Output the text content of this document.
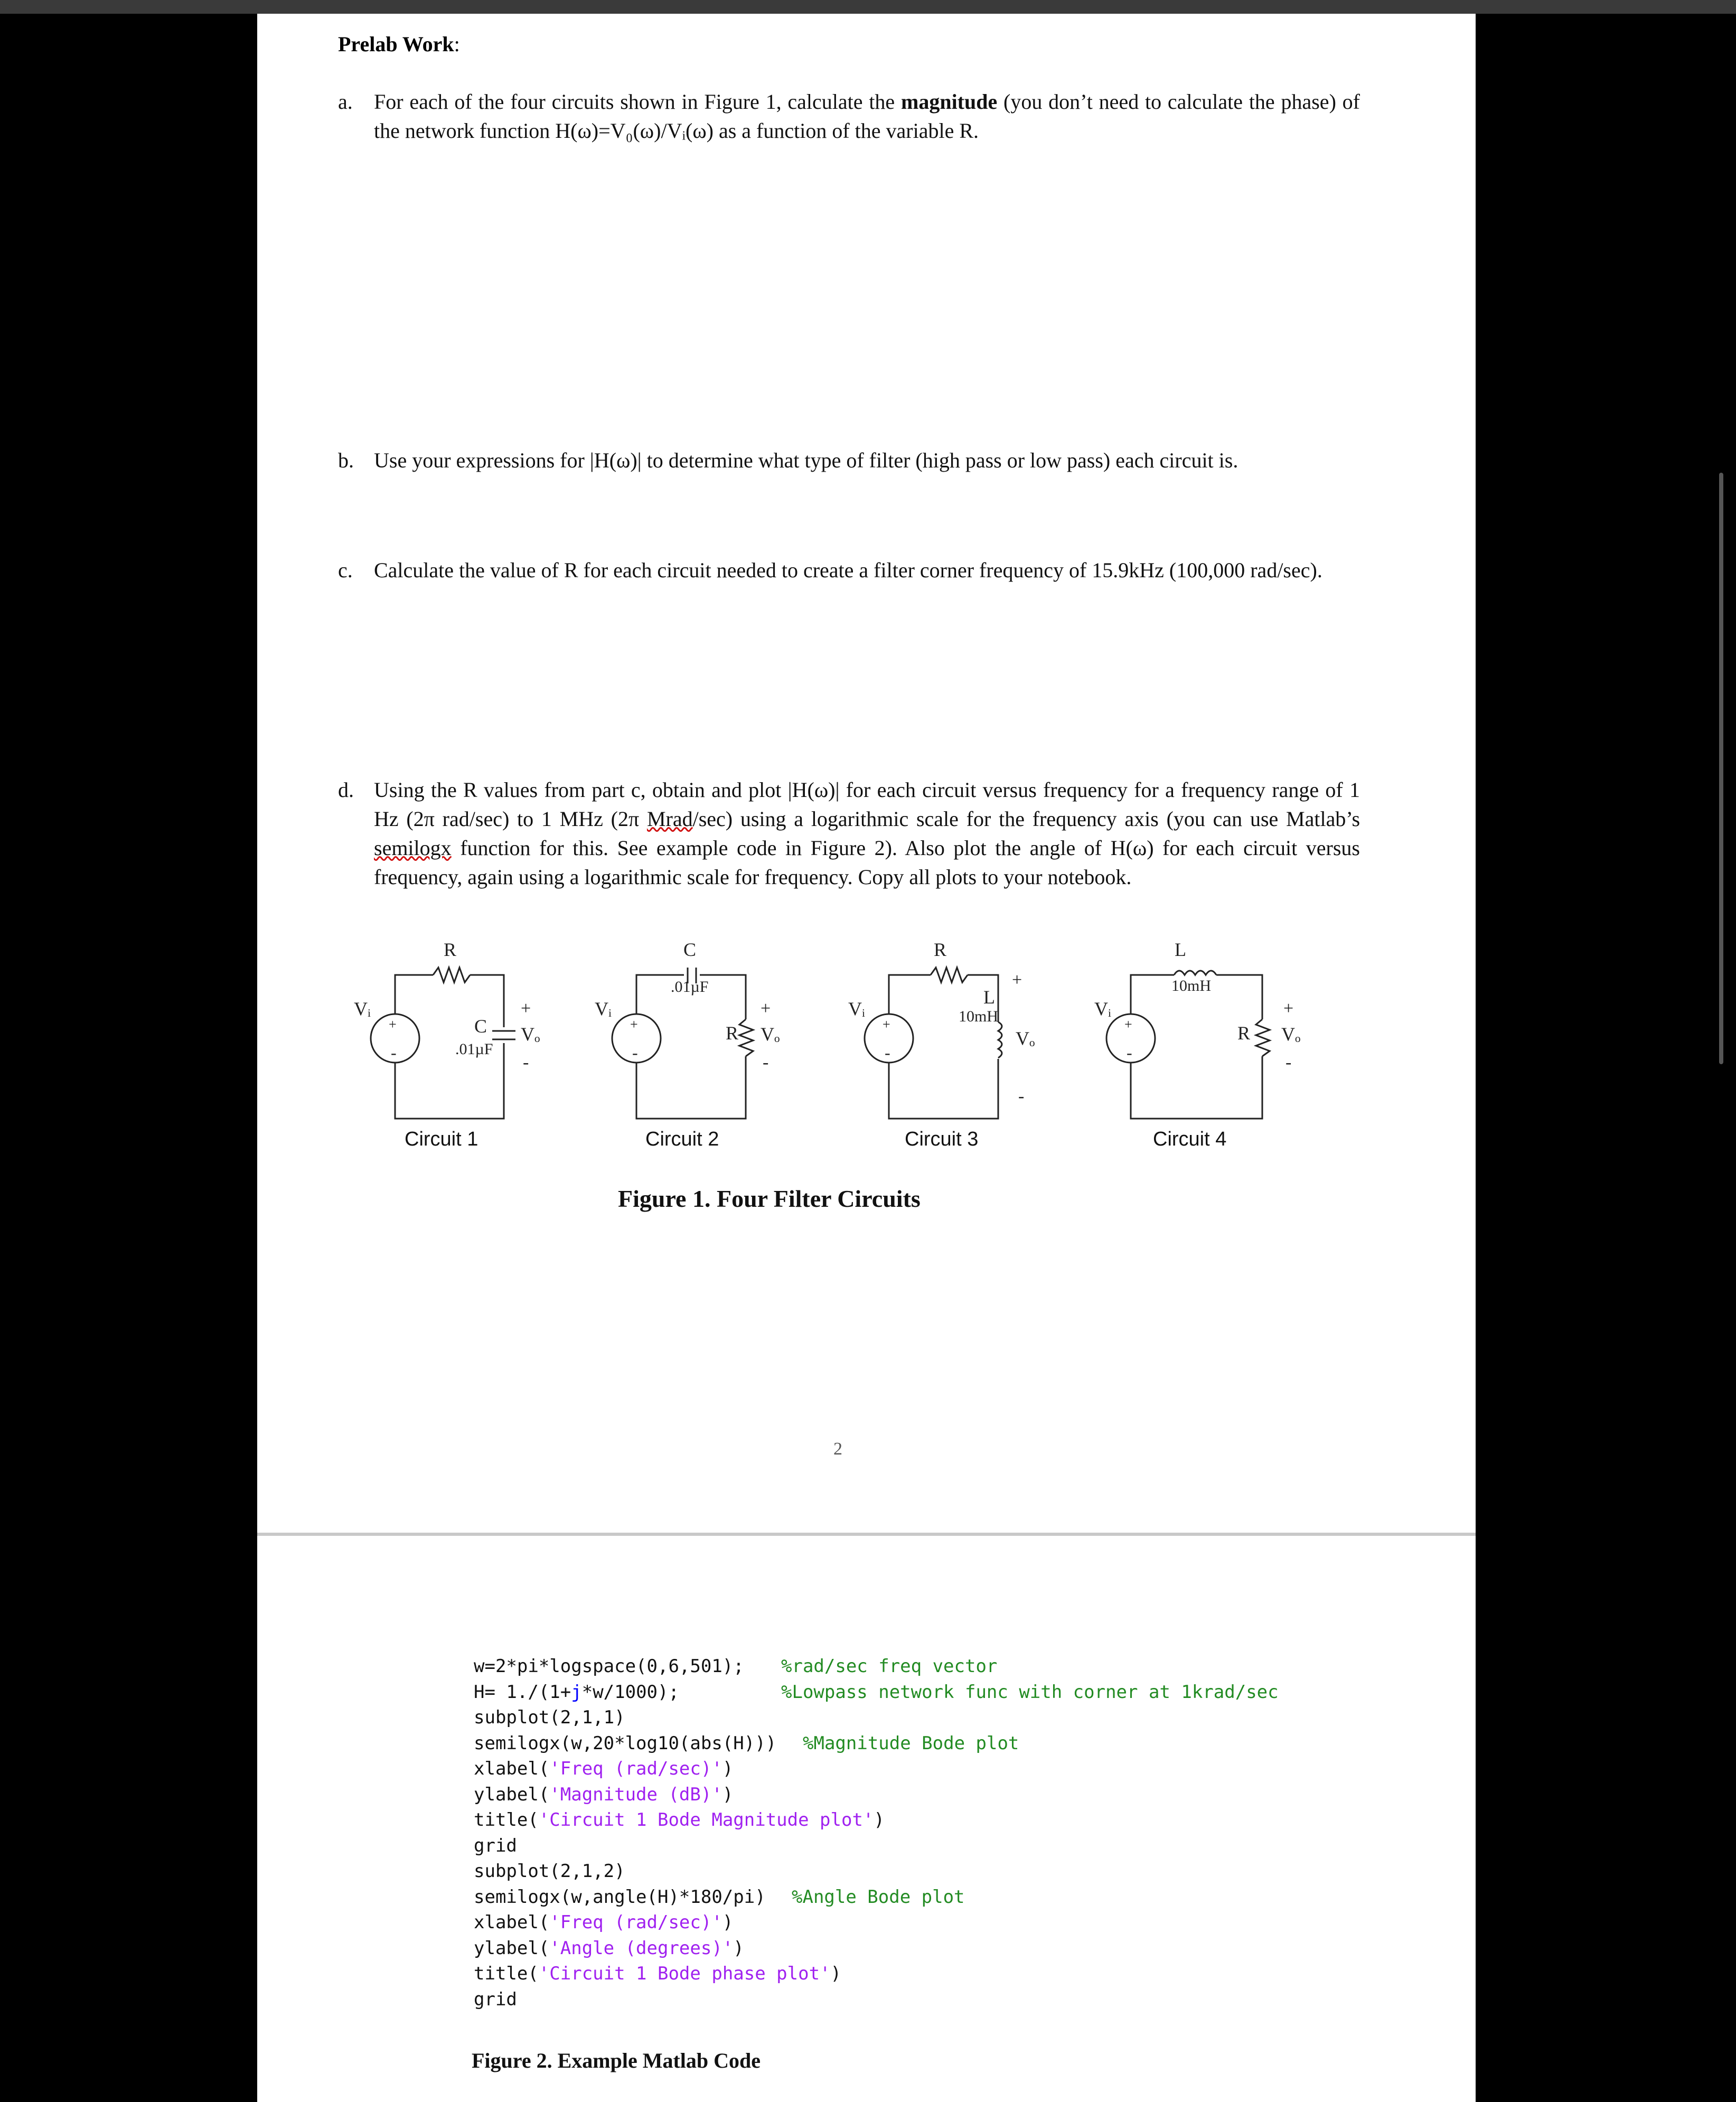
Prelab Work:
a. For each of the four circuits shown in Figure 1, calculate the magnitude (you don’t need to calculate the phase) of the network function H(ω)=V₀(ω)/Vᵢ(ω) as a function of the variable R.
b. Use your expressions for |H(ω)| to determine what type of filter (high pass or low pass) each circuit is.
c. Calculate the value of R for each circuit needed to create a filter corner frequency of 15.9kHz (100,000 rad/sec).
d. Using the R values from part c, obtain and plot |H(ω)| for each circuit versus frequency for a frequency range of 1 Hz (2π rad/sec) to 1 MHz (2π Mrad/sec) using a logarithmic scale for the frequency axis (you can use Matlab’s semilogx function for this. See example code in Figure 2). Also plot the angle of H(ω) for each circuit versus frequency, again using a logarithmic scale for frequency. Copy all plots to your notebook.
+
-
R
C
.01µF
Vᵢ	+
Vₒ
-
+
-
C
.01µF
R
Vᵢ	+
Vₒ
-
+
-
R
L
10mH
Vᵢ
+
Vₒ
-
+
-
L
10mH
R
Vᵢ	+
Vₒ
-
Circuit 1	Circuit 2	Circuit 3	Circuit 4
Figure 1. Four Filter Circuits
2
w=2*pi*logspace(0,6,501); %rad/sec freq vector
H= 1./(1+j*w/1000);	%Lowpass network func with corner at 1krad/sec
subplot(2,1,1)
semilogx(w,20*log10(abs(H))) %Magnitude Bode plot
xlabel('Freq (rad/sec)')
ylabel('Magnitude (dB)')
title('Circuit 1 Bode Magnitude plot')
grid
subplot(2,1,2)
semilogx(w,angle(H)*180/pi) %Angle Bode plot
xlabel('Freq (rad/sec)')
ylabel('Angle (degrees)')
title('Circuit 1 Bode phase plot')
grid
Figure 2. Example Matlab Code
